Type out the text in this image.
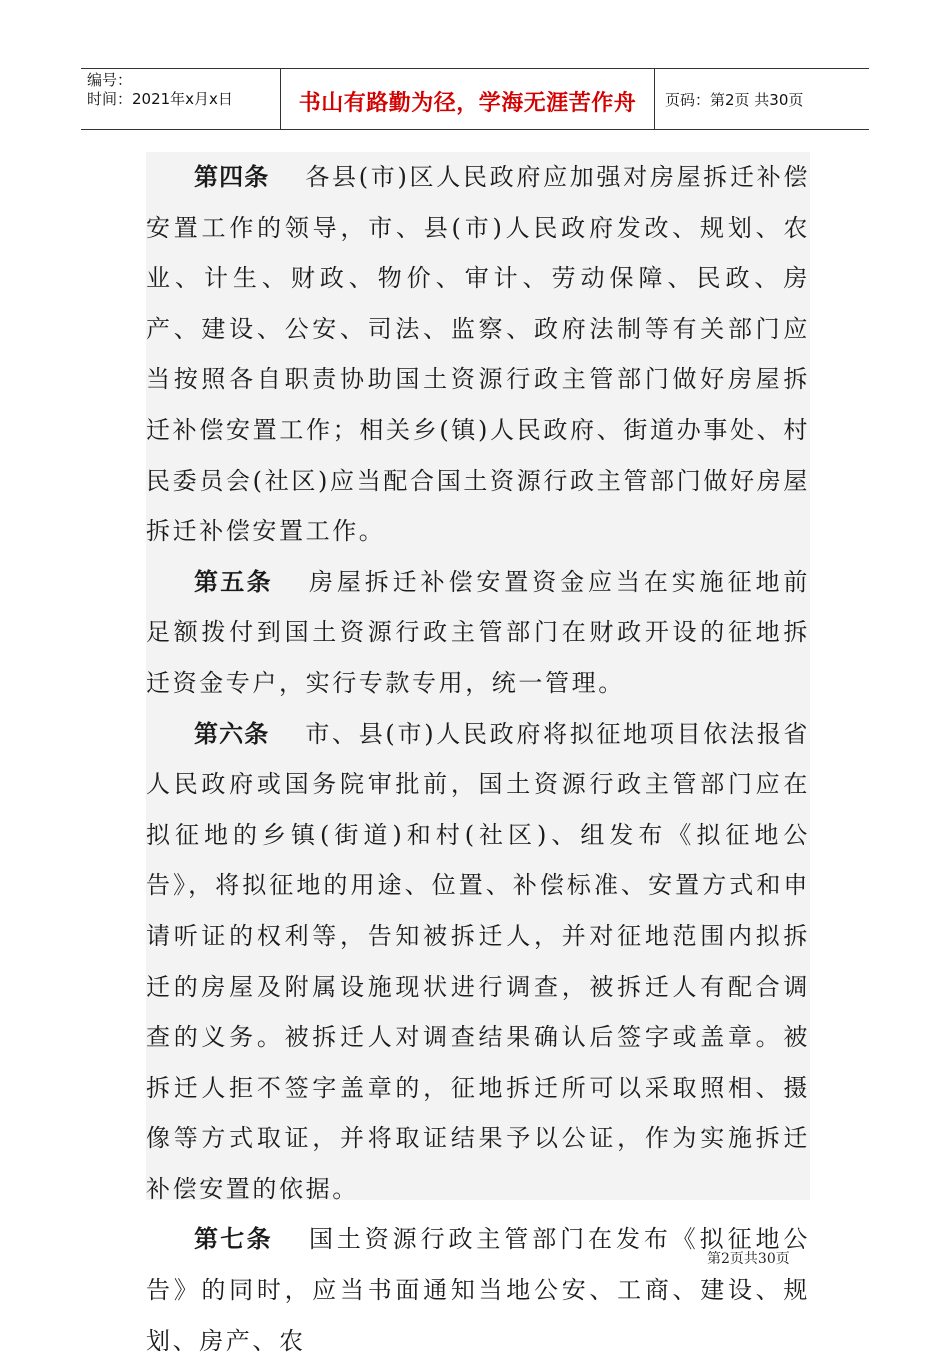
编号：
时间：2021年x月x日	书山有路勤为径，学海无涯苦作舟	页码：第2页 共30页

第四条 各县(市)区人民政府应加强对房屋拆迁补偿安置工作的领导，市、县(市)人民政府发改、规划、农业、计生、财政、物价、审计、劳动保障、民政、房产、建设、公安、司法、监察、政府法制等有关部门应当按照各自职责协助国土资源行政主管部门做好房屋拆迁补偿安置工作；相关乡(镇)人民政府、街道办事处、村民委员会(社区)应当配合国土资源行政主管部门做好房屋拆迁补偿安置工作。

第五条 房屋拆迁补偿安置资金应当在实施征地前足额拨付到国土资源行政主管部门在财政开设的征地拆迁资金专户，实行专款专用，统一管理。

第六条 市、县(市)人民政府将拟征地项目依法报省人民政府或国务院审批前，国土资源行政主管部门应在拟征地的乡镇(街道)和村(社区)、组发布《拟征地公告》，将拟征地的用途、位置、补偿标准、安置方式和申请听证的权利等，告知被拆迁人，并对征地范围内拟拆迁的房屋及附属设施现状进行调查，被拆迁人有配合调查的义务。被拆迁人对调查结果确认后签字或盖章。被拆迁人拒不签字盖章的，征地拆迁所可以采取照相、摄像等方式取证，并将取证结果予以公证，作为实施拆迁补偿安置的依据。

第七条 国土资源行政主管部门在发布《拟征地公告》的同时，应当书面通知当地公安、工商、建设、规划、房产、农

第2页共30页
